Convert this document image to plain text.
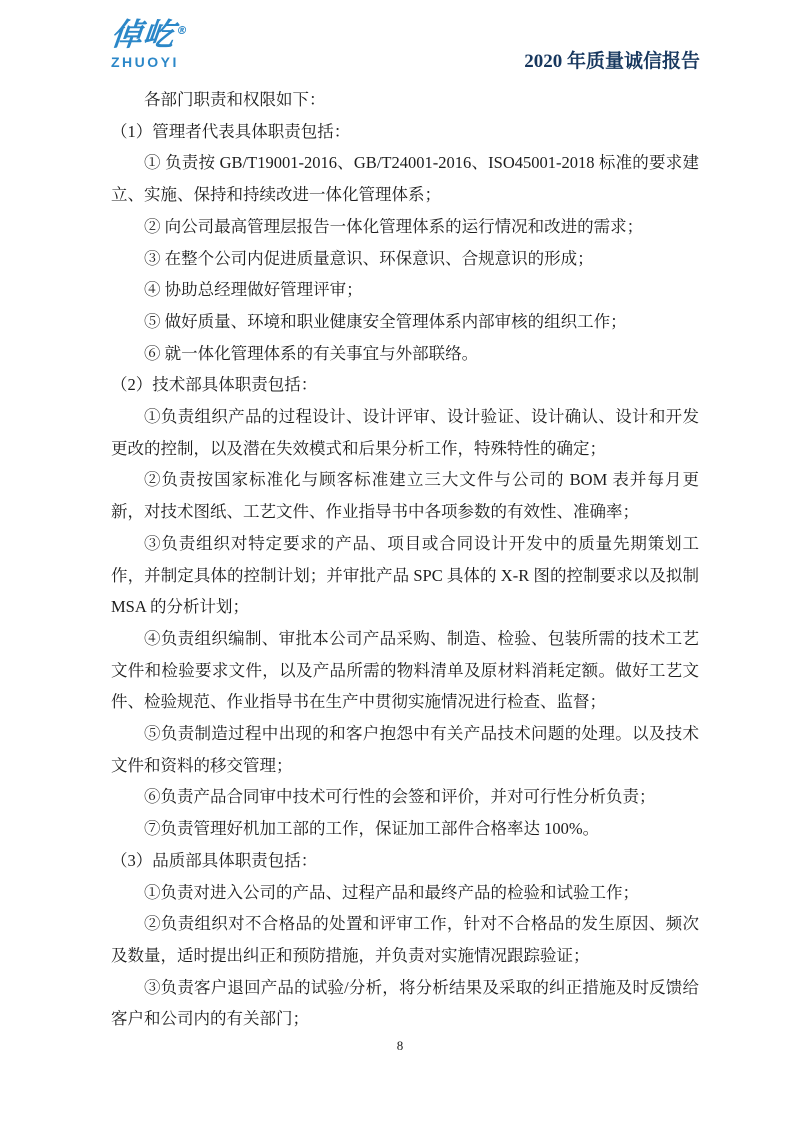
倬屹®
ZHUOYI	2020 年质量诚信报告

各部门职责和权限如下：

（1）管理者代表具体职责包括：

① 负责按 GB/T19001-2016、GB/T24001-2016、ISO45001-2018 标准的要求建立、实施、保持和持续改进一体化管理体系；

② 向公司最高管理层报告一体化管理体系的运行情况和改进的需求；

③ 在整个公司内促进质量意识、环保意识、合规意识的形成；

④ 协助总经理做好管理评审；

⑤ 做好质量、环境和职业健康安全管理体系内部审核的组织工作；

⑥ 就一体化管理体系的有关事宜与外部联络。

（2）技术部具体职责包括：

①负责组织产品的过程设计、设计评审、设计验证、设计确认、设计和开发更改的控制，以及潜在失效模式和后果分析工作，特殊特性的确定；

②负责按国家标准化与顾客标准建立三大文件与公司的 BOM 表并每月更新，对技术图纸、工艺文件、作业指导书中各项参数的有效性、准确率；

③负责组织对特定要求的产品、项目或合同设计开发中的质量先期策划工作，并制定具体的控制计划；并审批产品 SPC 具体的 X-R 图的控制要求以及拟制 MSA 的分析计划；

④负责组织编制、审批本公司产品采购、制造、检验、包装所需的技术工艺文件和检验要求文件，以及产品所需的物料清单及原材料消耗定额。做好工艺文件、检验规范、作业指导书在生产中贯彻实施情况进行检查、监督；

⑤负责制造过程中出现的和客户抱怨中有关产品技术问题的处理。以及技术文件和资料的移交管理；

⑥负责产品合同审中技术可行性的会签和评价，并对可行性分析负责；

⑦负责管理好机加工部的工作，保证加工部件合格率达 100%。

（3）品质部具体职责包括：

①负责对进入公司的产品、过程产品和最终产品的检验和试验工作；

②负责组织对不合格品的处置和评审工作，针对不合格品的发生原因、频次及数量，适时提出纠正和预防措施，并负责对实施情况跟踪验证；

③负责客户退回产品的试验/分析，将分析结果及采取的纠正措施及时反馈给客户和公司内的有关部门；

8
